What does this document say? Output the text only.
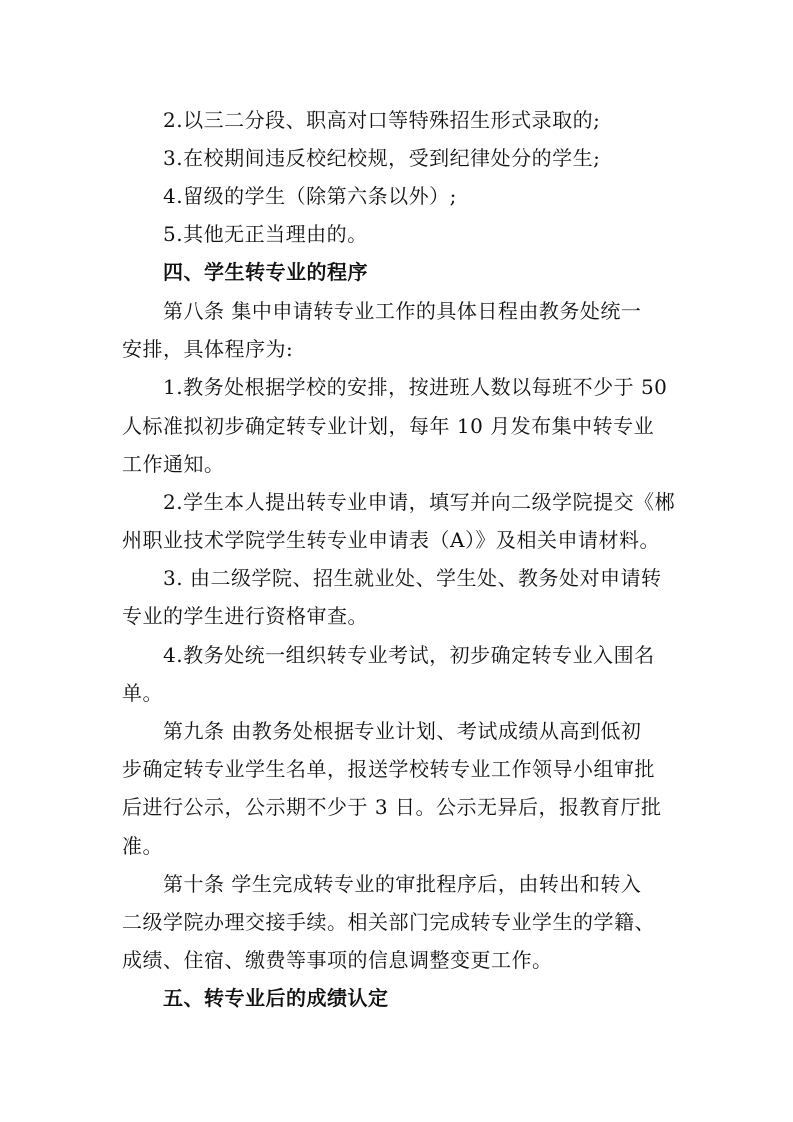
2.以三二分段、职高对口等特殊招生形式录取的;
3.在校期间违反校纪校规，受到纪律处分的学生;
4.留级的学生（除第六条以外）;
5.其他无正当理由的。
四、学生转专业的程序
第八条 集中申请转专业工作的具体日程由教务处统一
安排，具体程序为:
1.教务处根据学校的安排，按进班人数以每班不少于 50
人标准拟初步确定转专业计划，每年 10 月发布集中转专业
工作通知。
2.学生本人提出转专业申请，填写并向二级学院提交《郴
州职业技术学院学生转专业申请表（A）》及相关申请材料。
3. 由二级学院、招生就业处、学生处、教务处对申请转
专业的学生进行资格审查。
4.教务处统一组织转专业考试，初步确定转专业入围名
单。
第九条 由教务处根据专业计划、考试成绩从高到低初
步确定转专业学生名单，报送学校转专业工作领导小组审批
后进行公示，公示期不少于 3 日。公示无异后，报教育厅批
准。
第十条 学生完成转专业的审批程序后，由转出和转入
二级学院办理交接手续。相关部门完成转专业学生的学籍、
成绩、住宿、缴费等事项的信息调整变更工作。
五、转专业后的成绩认定
